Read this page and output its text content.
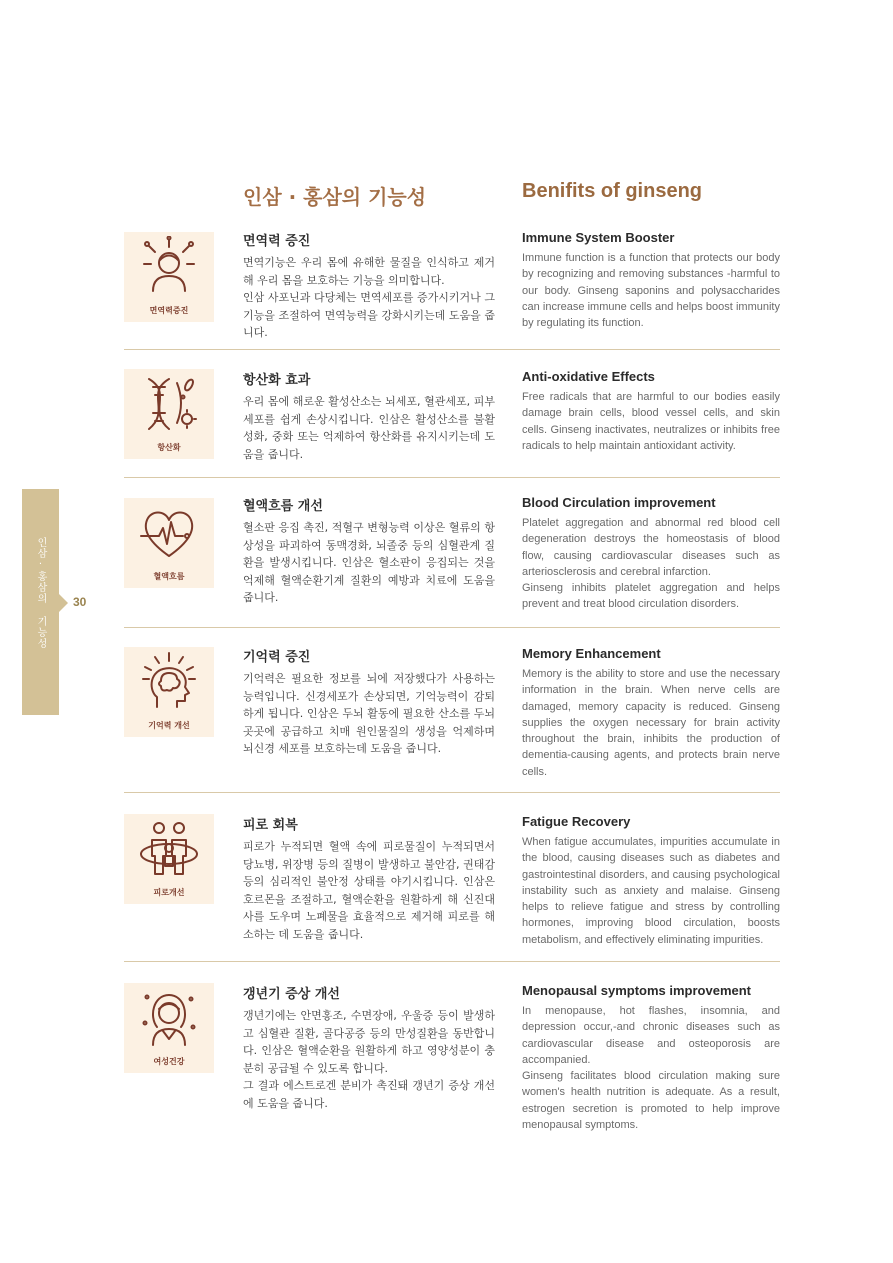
인삼·홍삼의 기능성	30
인삼 · 홍삼의 기능성	Benifits of ginseng
면역력증진
면역력 증진

면역기능은 우리 몸에 유해한 물질을 인식하고 제거해 우리 몸을 보호하는 기능을 의미합니다.

인삼 사포닌과 다당체는 면역세포를 증가시키거나 그 기능을 조절하여 면역능력을 강화시키는데 도움을 줍니다.

Immune System Booster

Immune function is a function that protects our body by recognizing and removing substances -harmful to our body. Ginseng saponins and polysaccharides can increase immune cells and helps boost immunity by regulating its function.

항산화
항산화 효과

우리 몸에 해로운 활성산소는 뇌세포, 혈관세포, 피부세포를 쉽게 손상시킵니다. 인삼은 활성산소를 불활성화, 중화 또는 억제하여 항산화를 유지시키는데 도움을 줍니다.

Anti-oxidative Effects

Free radicals that are harmful to our bodies easily damage brain cells, blood vessel cells, and skin cells. Ginseng inactivates, neutralizes or inhibits free radicals to help maintain antioxidant activity.

혈액흐름
혈액흐름 개선

혈소판 응집 촉진, 적혈구 변형능력 이상은 혈류의 항상성을 파괴하여 동맥경화, 뇌졸중 등의 심혈관계 질환을 발생시킵니다. 인삼은 혈소판이 응집되는 것을 억제해 혈액순환기계 질환의 예방과 치료에 도움을 줍니다.

Blood Circulation improvement

Platelet aggregation and abnormal red blood cell degeneration destroys the homeostasis of blood flow, causing cardiovascular diseases such as arteriosclerosis and cerebral infarction.

Ginseng inhibits platelet aggregation and helps prevent and treat blood circulation disorders.

기억력 개선
기억력 증진

기억력은 필요한 정보를 뇌에 저장했다가 사용하는 능력입니다. 신경세포가 손상되면, 기억능력이 감퇴하게 됩니다. 인삼은 두뇌 활동에 필요한 산소를 두뇌 곳곳에 공급하고 치매 원인물질의 생성을 억제하며 뇌신경 세포를 보호하는데 도움을 줍니다.

Memory Enhancement

Memory is the ability to store and use the necessary information in the brain. When nerve cells are damaged, memory capacity is reduced. Ginseng supplies the oxygen necessary for brain activity throughout the brain, inhibits the production of dementia-causing agents, and protects brain nerve cells.

피로개선
피로 회복

피로가 누적되면 혈액 속에 피로물질이 누적되면서 당뇨병, 위장병 등의 질병이 발생하고 불안감, 권태감 등의 심리적인 불안정 상태를 야기시킵니다. 인삼은 호르몬을 조절하고, 혈액순환을 원활하게 해 신진대사를 도우며 노폐물을 효율적으로 제거해 피로를 해소하는 데 도움을 줍니다.

Fatigue Recovery

When fatigue accumulates, impurities accumulate in the blood, causing diseases such as diabetes and gastrointestinal disorders, and causing psychological instability such as anxiety and malaise. Ginseng helps to relieve fatigue and stress by controlling hormones, improving blood circulation, boosts metabolism, and effectively eliminating impurities.

여성건강
갱년기 증상 개선

갱년기에는 안면홍조, 수면장애, 우울증 등이 발생하고 심혈관 질환, 골다공증 등의 만성질환을 동반합니다. 인삼은 혈액순환을 원활하게 하고 영양성분이 충분히 공급될 수 있도록 합니다.

그 결과 에스트로겐 분비가 촉진돼 갱년기 증상 개선에 도움을 줍니다.

Menopausal symptoms improvement

In menopause, hot flashes, insomnia, and depression occur,-and chronic diseases such as cardiovascular disease and osteoporosis are accompanied.

Ginseng facilitates blood circulation making sure women's health nutrition is adequate. As a result, estrogen secretion is promoted to help improve menopausal symptoms.
